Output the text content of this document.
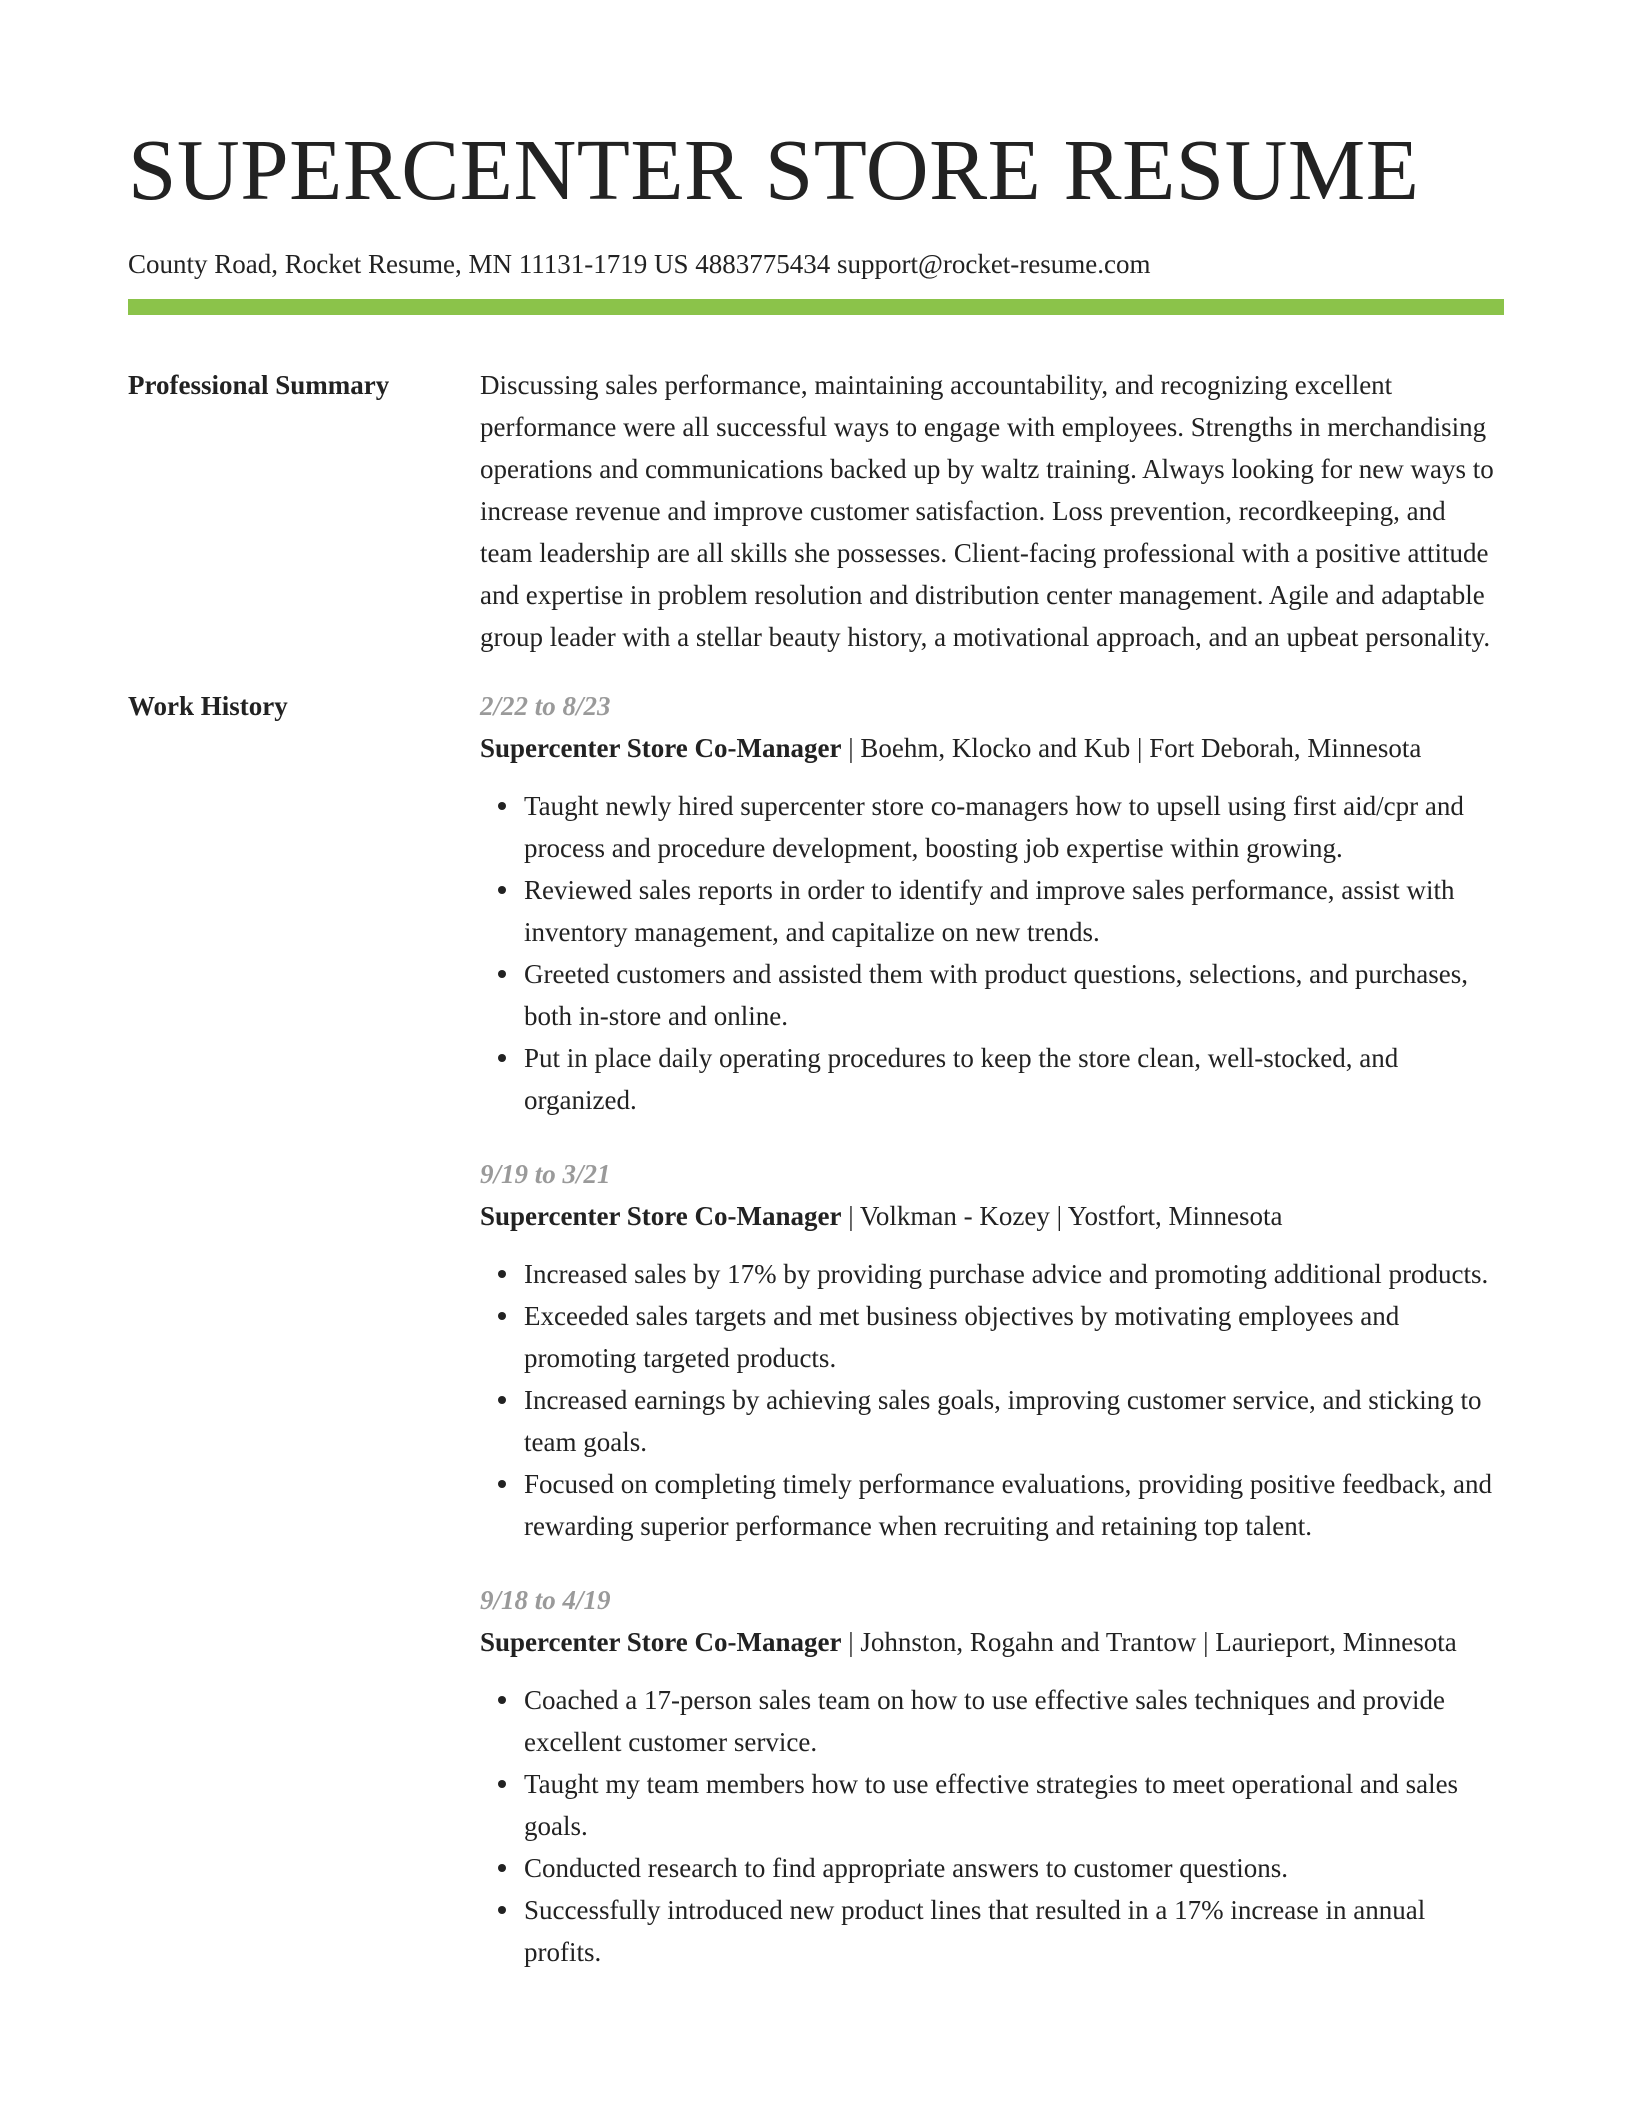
SUPERCENTER STORE RESUME
County Road, Rocket Resume, MN 11131-1719 US 4883775434 support@rocket-resume.com
Professional Summary	Discussing sales performance, maintaining accountability, and recognizing excellent performance were all successful ways to engage with employees. Strengths in merchandising operations and communications backed up by waltz training. Always looking for new ways to increase revenue and improve customer satisfaction. Loss prevention, recordkeeping, and team leadership are all skills she possesses. Client-facing professional with a positive attitude and expertise in problem resolution and distribution center management. Agile and adaptable group leader with a stellar beauty history, a motivational approach, and an upbeat personality.

Work History	2/22 to 8/23

Supercenter Store Co-Manager | Boehm, Klocko and Kub | Fort Deborah, Minnesota

Taught newly hired supercenter store co-managers how to upsell using first aid/cpr and process and procedure development, boosting job expertise within growing.
Reviewed sales reports in order to identify and improve sales performance, assist with inventory management, and capitalize on new trends.
Greeted customers and assisted them with product questions, selections, and purchases, both in-store and online.
Put in place daily operating procedures to keep the store clean, well-stocked, and organized.
9/19 to 3/21

Supercenter Store Co-Manager | Volkman - Kozey | Yostfort, Minnesota

Increased sales by 17% by providing purchase advice and promoting additional products.
Exceeded sales targets and met business objectives by motivating employees and promoting targeted products.
Increased earnings by achieving sales goals, improving customer service, and sticking to team goals.
Focused on completing timely performance evaluations, providing positive feedback, and rewarding superior performance when recruiting and retaining top talent.
9/18 to 4/19

Supercenter Store Co-Manager | Johnston, Rogahn and Trantow | Laurieport, Minnesota

Coached a 17-person sales team on how to use effective sales techniques and provide excellent customer service.
Taught my team members how to use effective strategies to meet operational and sales goals.
Conducted research to find appropriate answers to customer questions.
Successfully introduced new product lines that resulted in a 17% increase in annual profits.
